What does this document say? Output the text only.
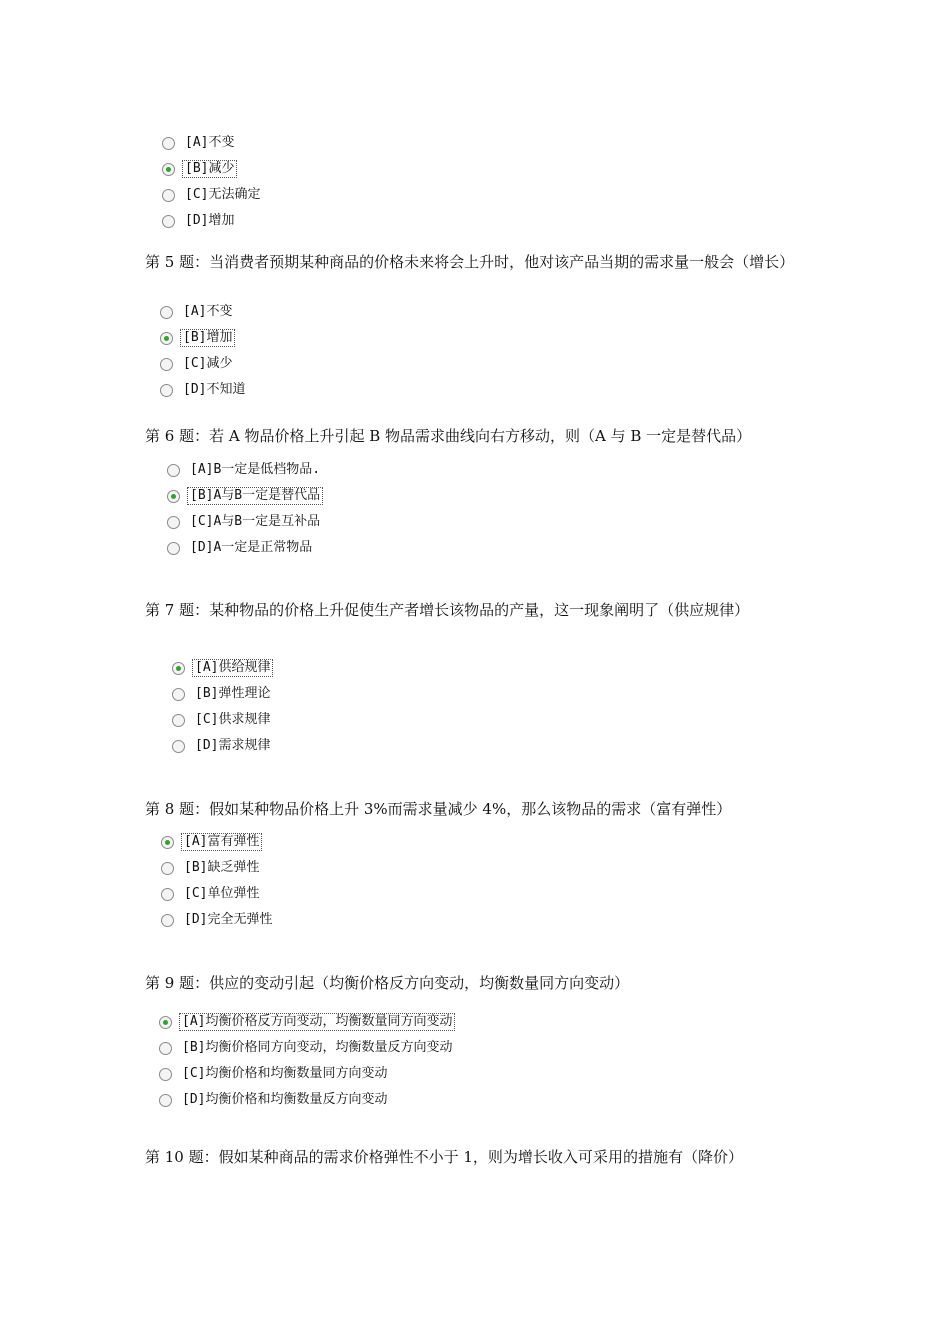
[A]不变
[B]减少
[C]无法确定
[D]增加
第 5 题：当消费者预期某种商品的价格未来将会上升时，他对该产品当期的需求量一般会（增长）
[A]不变
[B]增加
[C]减少
[D]不知道
第 6 题：若 A 物品价格上升引起 B 物品需求曲线向右方移动，则（A 与 B 一定是替代品）
[A]B一定是低档物品.
[B]A与B一定是替代品
[C]A与B一定是互补品
[D]A一定是正常物品
第 7 题：某种物品的价格上升促使生产者增长该物品的产量，这一现象阐明了（供应规律）
[A]供给规律
[B]弹性理论
[C]供求规律
[D]需求规律
第 8 题：假如某种物品价格上升 3%而需求量减少 4%，那么该物品的需求（富有弹性）
[A]富有弹性
[B]缺乏弹性
[C]单位弹性
[D]完全无弹性
第 9 题：供应的变动引起（均衡价格反方向变动，均衡数量同方向变动）
[A]均衡价格反方向变动，均衡数量同方向变动
[B]均衡价格同方向变动，均衡数量反方向变动
[C]均衡价格和均衡数量同方向变动
[D]均衡价格和均衡数量反方向变动
第 10 题：假如某种商品的需求价格弹性不小于 1，则为增长收入可采用的措施有（降价）
